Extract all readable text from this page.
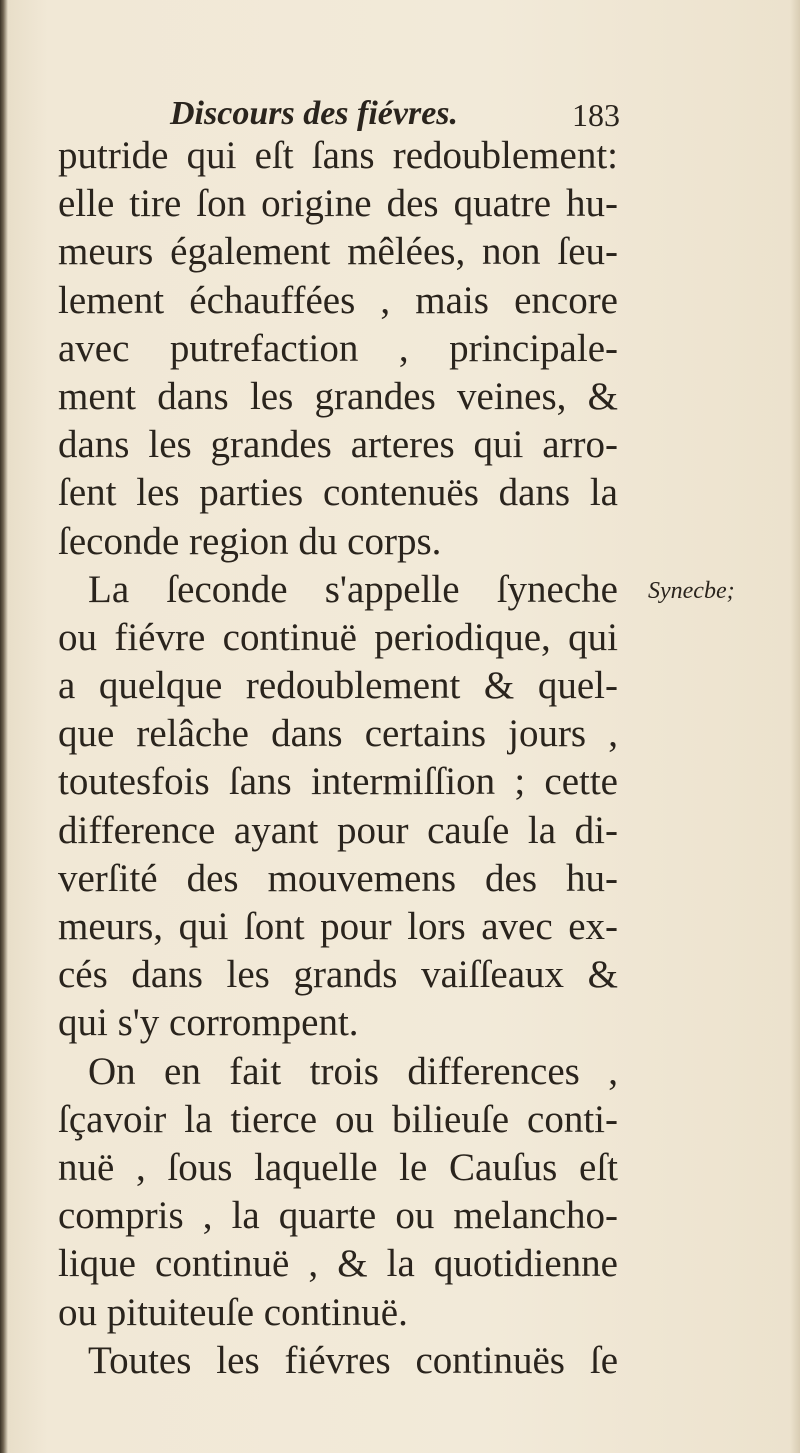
Discours des fiévres.	183
putride qui eſt ſans redoublement:
elle tire ſon origine des quatre hu-
meurs également mêlées, non ſeu-
lement échauffées , mais encore
avec putrefaction , principale-
ment dans les grandes veines, &
dans les grandes arteres qui arro-
ſent les parties contenuës dans la
ſeconde region du corps.
La ſeconde s'appelle ſyneche
ou fiévre continuë periodique, qui
a quelque redoublement & quel-
que relâche dans certains jours ,
toutesfois ſans intermiſſion ; cette
difference ayant pour cauſe la di-
verſité des mouvemens des hu-
meurs, qui ſont pour lors avec ex-
cés dans les grands vaiſſeaux &
qui s'y corrompent.
On en fait trois differences ,
ſçavoir la tierce ou bilieuſe conti-
nuë , ſous laquelle le Cauſus eſt
compris , la quarte ou melancho-
lique continuë , & la quotidienne
ou pituiteuſe continuë.
Toutes les fiévres continuës ſe
Synecbe;
